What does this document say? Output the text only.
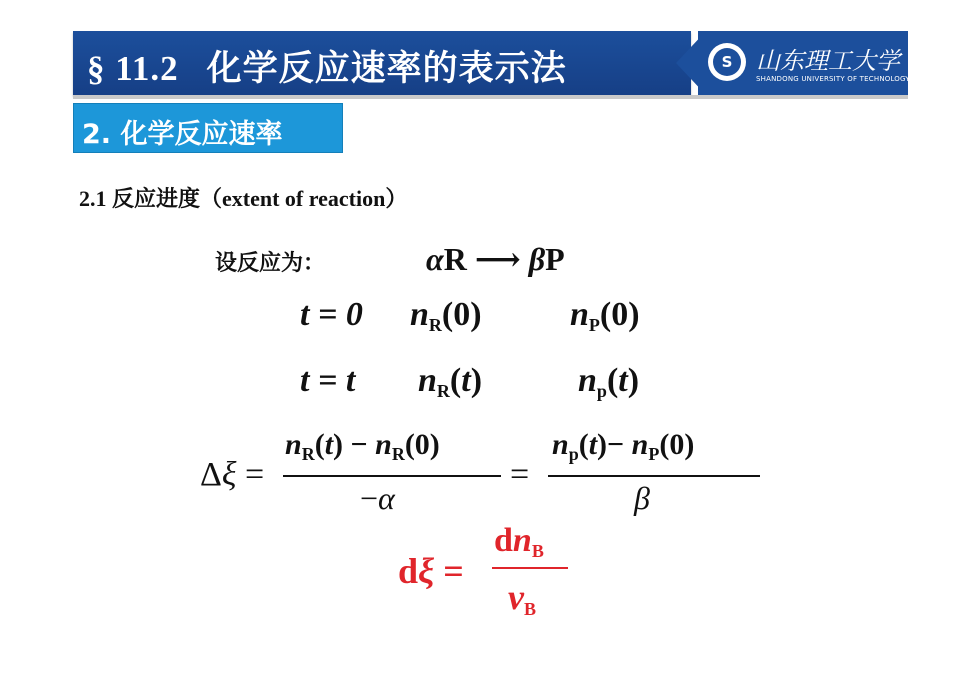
§ 11.2 化学反应速率的表示法	S 山东理工大学
SHANDONG UNIVERSITY OF TECHNOLOGY
2. 化学反应速率
2.1 反应进度（extent of reaction）
设反应为：	αR ⟶ βP
t = 0 $n_R(0)$	$n_P(0)$
t = t $n_R(t)$	$n_p(t)$
Δξ =
$n_R(t) - n_R(0)$
−α
=
$n_p(t)- n_P(0)$
β
dξ =
$dn_B$
$\nu_B$
